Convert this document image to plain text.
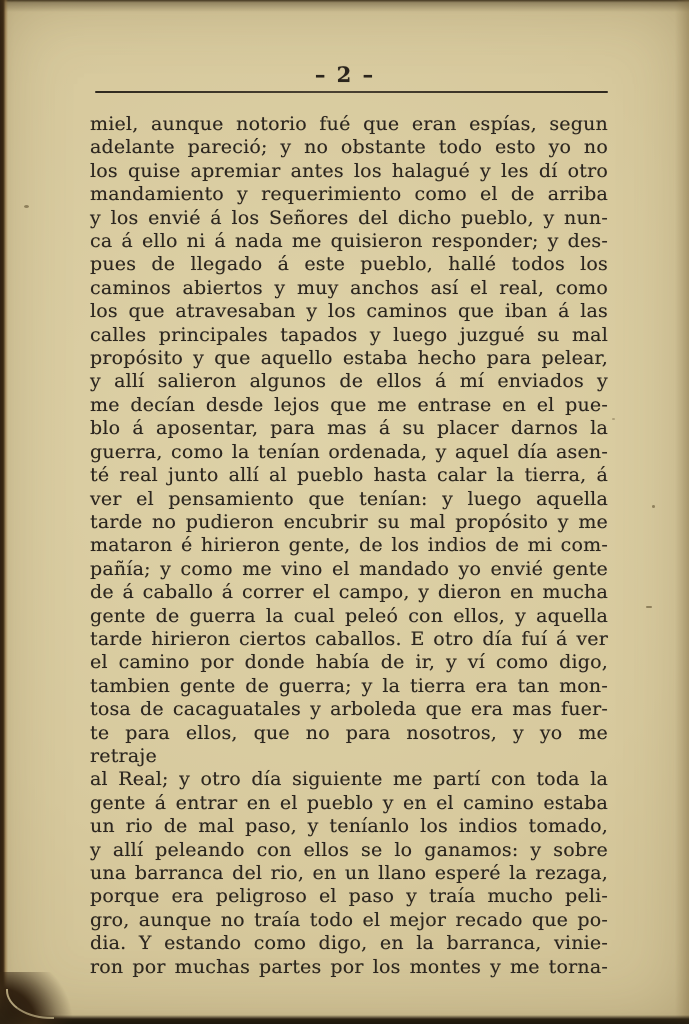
– 2 –
miel, aunque notorio fué que eran espías, segun
adelante pareció; y no obstante todo esto yo no
los quise apremiar antes los halagué y les dí otro
mandamiento y requerimiento como el de arriba
y los envié á los Señores del dicho pueblo, y nun-
ca á ello ni á nada me quisieron responder; y des-
pues de llegado á este pueblo, hallé todos los
caminos abiertos y muy anchos así el real, como
los que atravesaban y los caminos que iban á las
calles principales tapados y luego juzgué su mal
propósito y que aquello estaba hecho para pelear,
y allí salieron algunos de ellos á mí enviados y
me decían desde lejos que me entrase en el pue-
blo á aposentar, para mas á su placer darnos la
guerra, como la tenían ordenada, y aquel día asen-
té real junto allí al pueblo hasta calar la tierra, á
ver el pensamiento que tenían: y luego aquella
tarde no pudieron encubrir su mal propósito y me
mataron é hirieron gente, de los indios de mi com-
pañía; y como me vino el mandado yo envié gente
de á caballo á correr el campo, y dieron en mucha
gente de guerra la cual peleó con ellos, y aquella
tarde hirieron ciertos caballos. E otro día fuí á ver
el camino por donde había de ir, y ví como digo,
tambien gente de guerra; y la tierra era tan mon-
tosa de cacaguatales y arboleda que era mas fuer-
te para ellos, que no para nosotros, y yo me retraje
al Real; y otro día siguiente me partí con toda la
gente á entrar en el pueblo y en el camino estaba
un rio de mal paso, y teníanlo los indios tomado,
y allí peleando con ellos se lo ganamos: y sobre
una barranca del rio, en un llano esperé la rezaga,
porque era peligroso el paso y traía mucho peli-
gro, aunque no traía todo el mejor recado que po-
dia. Y estando como digo, en la barranca, vinie-
ron por muchas partes por los montes y me torna-
